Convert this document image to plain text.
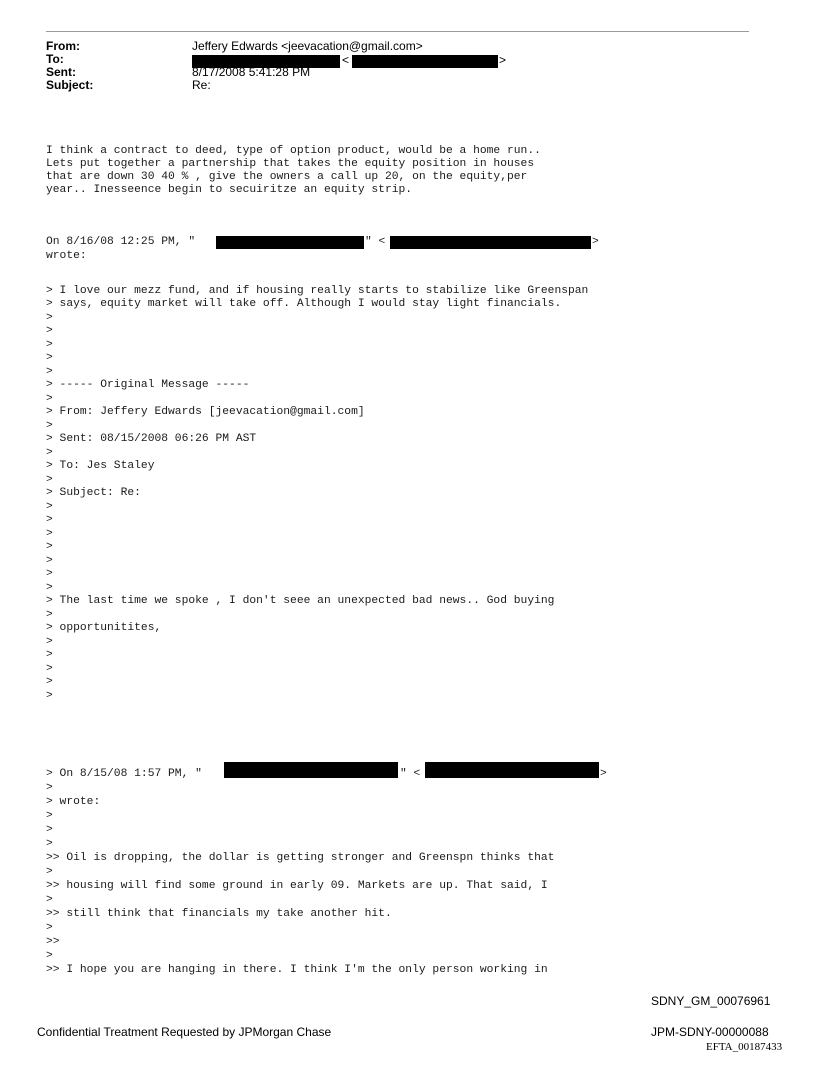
From:	Jeffery Edwards <jeevacation@gmail.com>
To:	<	>
Sent:	8/17/2008 5:41:28 PM
Subject:	Re:
I think a contract to deed, type of option product, would be a home run..
Lets put together a partnership that takes the equity position in houses
that are down 30 40 % , give the owners a call up 20, on the equity,per
year.. Inesseence begin to secuiritze an equity strip.
On 8/16/08 12:25 PM, "	" <	>
wrote:
> I love our mezz fund, and if housing really starts to stabilize like Greenspan
> says, equity market will take off. Although I would stay light financials.
>
>
>
>
>
> ----- Original Message -----
>
> From: Jeffery Edwards [jeevacation@gmail.com]
>
> Sent: 08/15/2008 06:26 PM AST
>
> To: Jes Staley
>
> Subject: Re:
>
>
>
>
>
>
>
> The last time we spoke , I don't seee an unexpected bad news.. God buying
>
> opportunitites,
>
>
>
>
>
> On 8/15/08 1:57 PM, "	" <	>
>
> wrote:
>
>
>
>> Oil is dropping, the dollar is getting stronger and Greenspn thinks that
>
>> housing will find some ground in early 09. Markets are up. That said, I
>
>> still think that financials my take another hit.
>
>>
>
>> I hope you are hanging in there. I think I'm the only person working in
SDNY_GM_00076961
Confidential Treatment Requested by JPMorgan Chase	JPM-SDNY-00000088
EFTA_00187433
